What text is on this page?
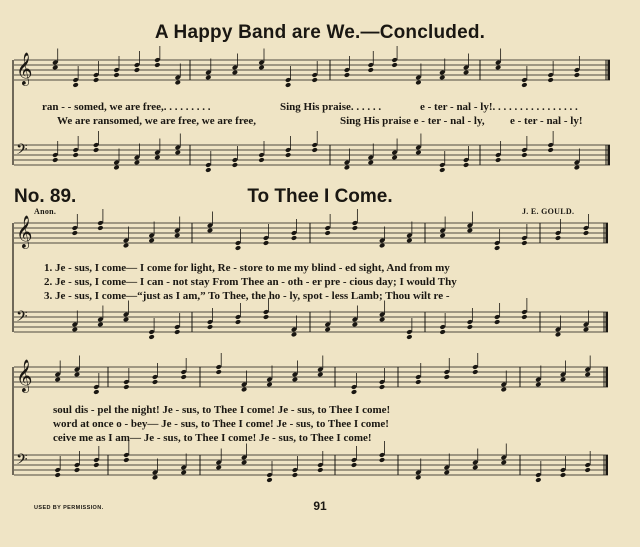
A Happy Band are We.—Concluded.
𝄞
𝄢
𝄞
𝄢
𝄞
𝄢
ran - - somed, we are free,. . . . . . . . .	Sing His praise. . . . . .	e - ter - nal - ly!. . . . . . . . . . . . . . . .
We are ransomed, we are free, we are free,	Sing His praise e - ter - nal - ly, e - ter - nal - ly!
No. 89.	To Thee I Come.
Anon.	J. E. GOULD.
1. Je - sus, I come— I come for light, Re - store to me my blind - ed sight, And from my
2. Je - sus, I come— I can - not stay From Thee an - oth - er pre - cious day; I would Thy
3. Je - sus, I come—“just as I am,” To Thee, the ho - ly, spot - less Lamb; Thou wilt re -
soul dis - pel the night! Je - sus, to Thee I come! Je - sus, to Thee I come!
word at once o - bey— Je - sus, to Thee I come! Je - sus, to Thee I come!
ceive me as I am— Je - sus, to Thee I come! Je - sus, to Thee I come!
USED BY PERMISSION.	91
